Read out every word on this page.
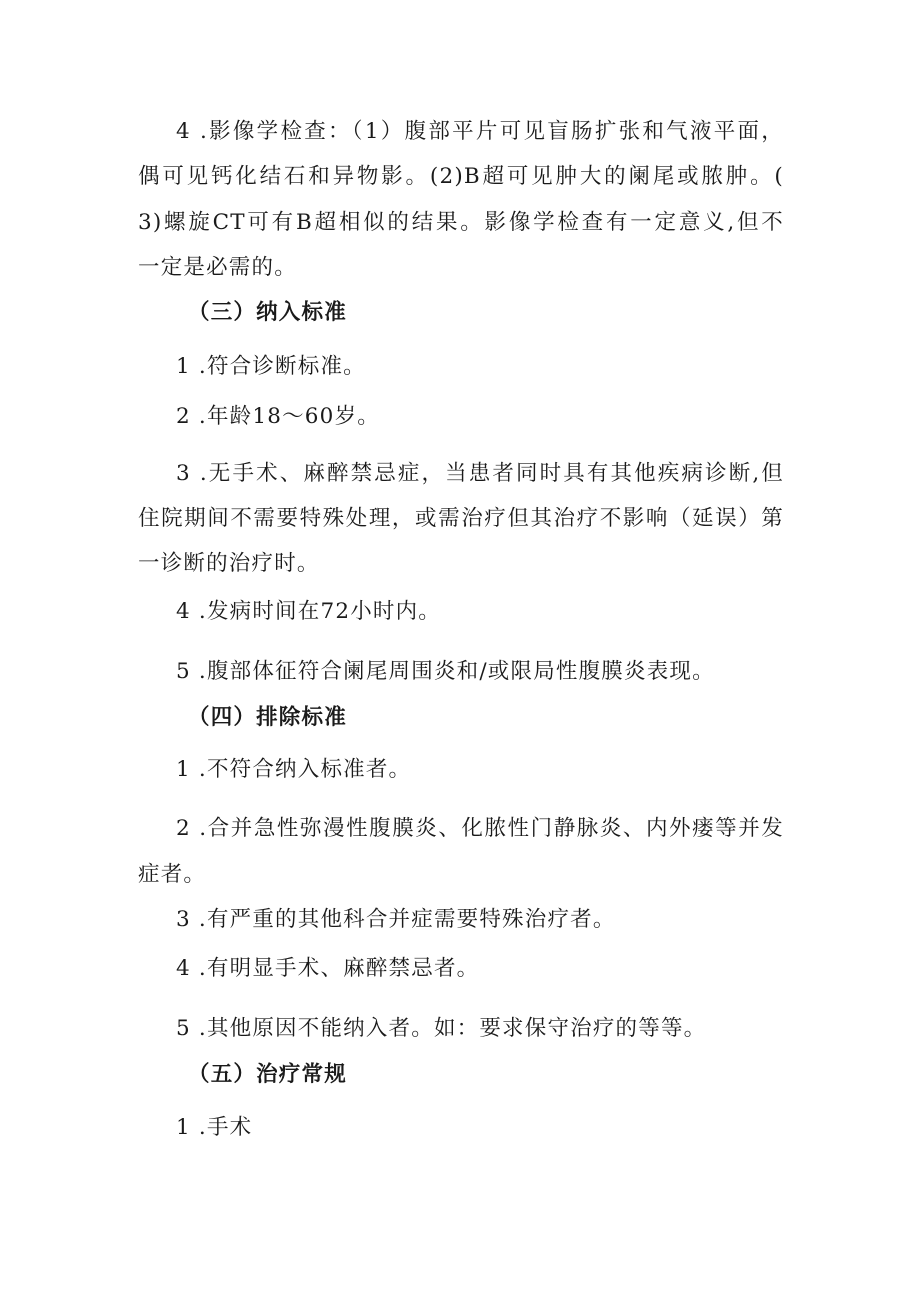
4 .影像学检查：（1）腹部平片可见盲肠扩张和气液平面，
偶可见钙化结石和异物影。(2)B超可见肿大的阑尾或脓肿。(
3)螺旋CT可有B超相似的结果。影像学检查有一定意义,但不
一定是必需的。
（三）纳入标准
1 .符合诊断标准。
2 .年龄18～60岁。
3 .无手术、麻醉禁忌症，当患者同时具有其他疾病诊断,但
住院期间不需要特殊处理，或需治疗但其治疗不影响（延误）第
一诊断的治疗时。
4 .发病时间在72小时内。
5 .腹部体征符合阑尾周围炎和/或限局性腹膜炎表现。
（四）排除标准
1 .不符合纳入标准者。
2 .合并急性弥漫性腹膜炎、化脓性门静脉炎、内外瘘等并发
症者。
3 .有严重的其他科合并症需要特殊治疗者。
4 .有明显手术、麻醉禁忌者。
5 .其他原因不能纳入者。如：要求保守治疗的等等。
（五）治疗常规
1 .手术
